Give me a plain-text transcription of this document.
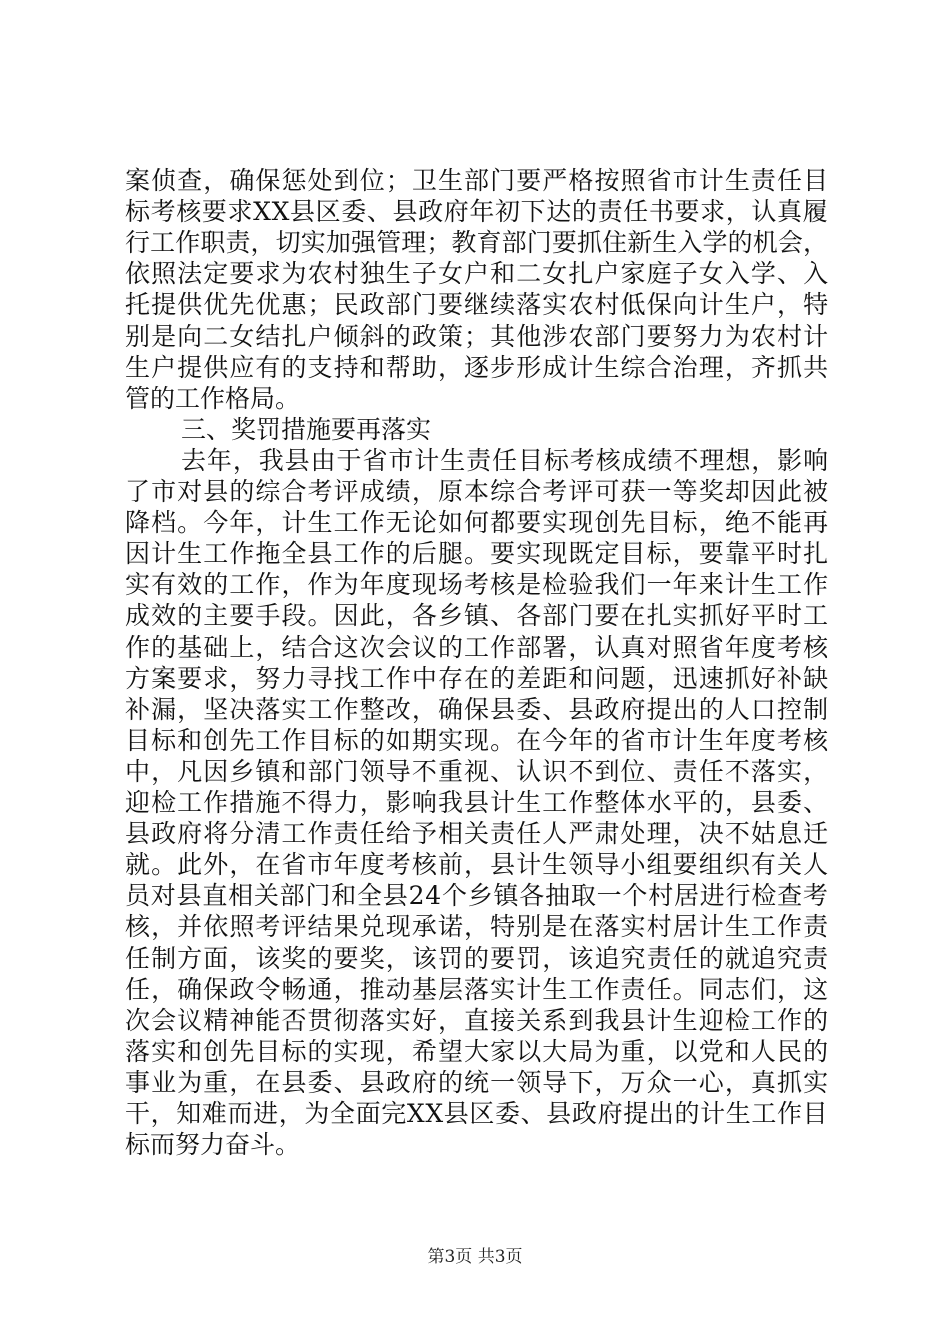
案侦查，确保惩处到位；卫生部门要严格按照省市计生责任目
标考核要求XX县区委、县政府年初下达的责任书要求，认真履
行工作职责，切实加强管理；教育部门要抓住新生入学的机会，
依照法定要求为农村独生子女户和二女扎户家庭子女入学、入
托提供优先优惠；民政部门要继续落实农村低保向计生户，特
别是向二女结扎户倾斜的政策；其他涉农部门要努力为农村计
生户提供应有的支持和帮助，逐步形成计生综合治理，齐抓共
管的工作格局。
三、奖罚措施要再落实
去年，我县由于省市计生责任目标考核成绩不理想，影响
了市对县的综合考评成绩，原本综合考评可获一等奖却因此被
降档。今年，计生工作无论如何都要实现创先目标，绝不能再
因计生工作拖全县工作的后腿。要实现既定目标，要靠平时扎
实有效的工作，作为年度现场考核是检验我们一年来计生工作
成效的主要手段。因此，各乡镇、各部门要在扎实抓好平时工
作的基础上，结合这次会议的工作部署，认真对照省年度考核
方案要求，努力寻找工作中存在的差距和问题，迅速抓好补缺
补漏，坚决落实工作整改，确保县委、县政府提出的人口控制
目标和创先工作目标的如期实现。在今年的省市计生年度考核
中，凡因乡镇和部门领导不重视、认识不到位、责任不落实，
迎检工作措施不得力，影响我县计生工作整体水平的，县委、
县政府将分清工作责任给予相关责任人严肃处理，决不姑息迁
就。此外，在省市年度考核前，县计生领导小组要组织有关人
员对县直相关部门和全县24个乡镇各抽取一个村居进行检查考
核，并依照考评结果兑现承诺，特别是在落实村居计生工作责
任制方面，该奖的要奖，该罚的要罚，该追究责任的就追究责
任，确保政令畅通，推动基层落实计生工作责任。同志们，这
次会议精神能否贯彻落实好，直接关系到我县计生迎检工作的
落实和创先目标的实现，希望大家以大局为重，以党和人民的
事业为重，在县委、县政府的统一领导下，万众一心，真抓实
干，知难而进，为全面完XX县区委、县政府提出的计生工作目
标而努力奋斗。
第3页 共3页
